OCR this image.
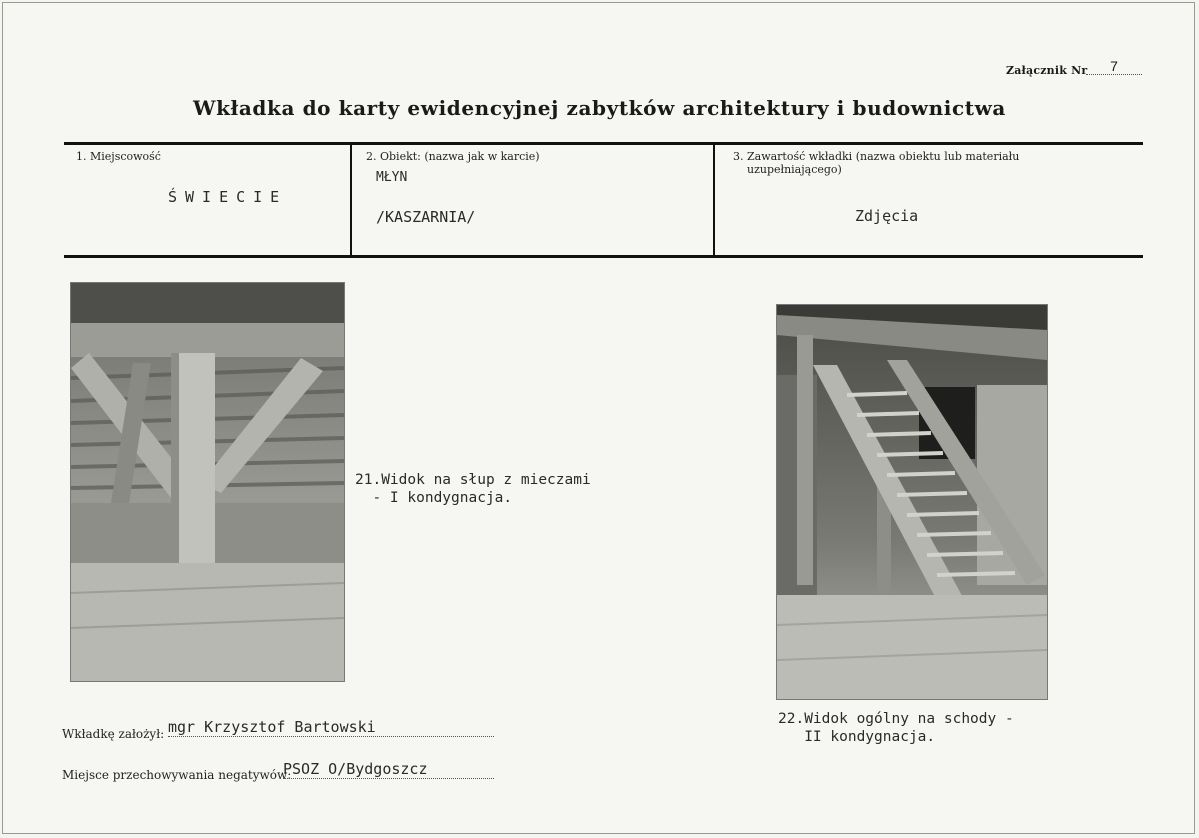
Załącznik Nr	7
Wkładka do karty ewidencyjnej zabytków architektury i budownictwa
1. Miejscowość
ŚWIECIE
2. Obiekt: (nazwa jak w karcie)
MŁYN
/KASZARNIA/
3. Zawartość wkładki (nazwa obiektu lub materiału
uzupełniającego)
Zdjęcia
21.Widok na słup z mieczami
- I kondygnacja.
22.Widok ogólny na schody -
II kondygnacja.
Wkładkę założył: mgr Krzysztof Bartowski
Miejsce przechowywania negatywów:
PSOZ O/Bydgoszcz
